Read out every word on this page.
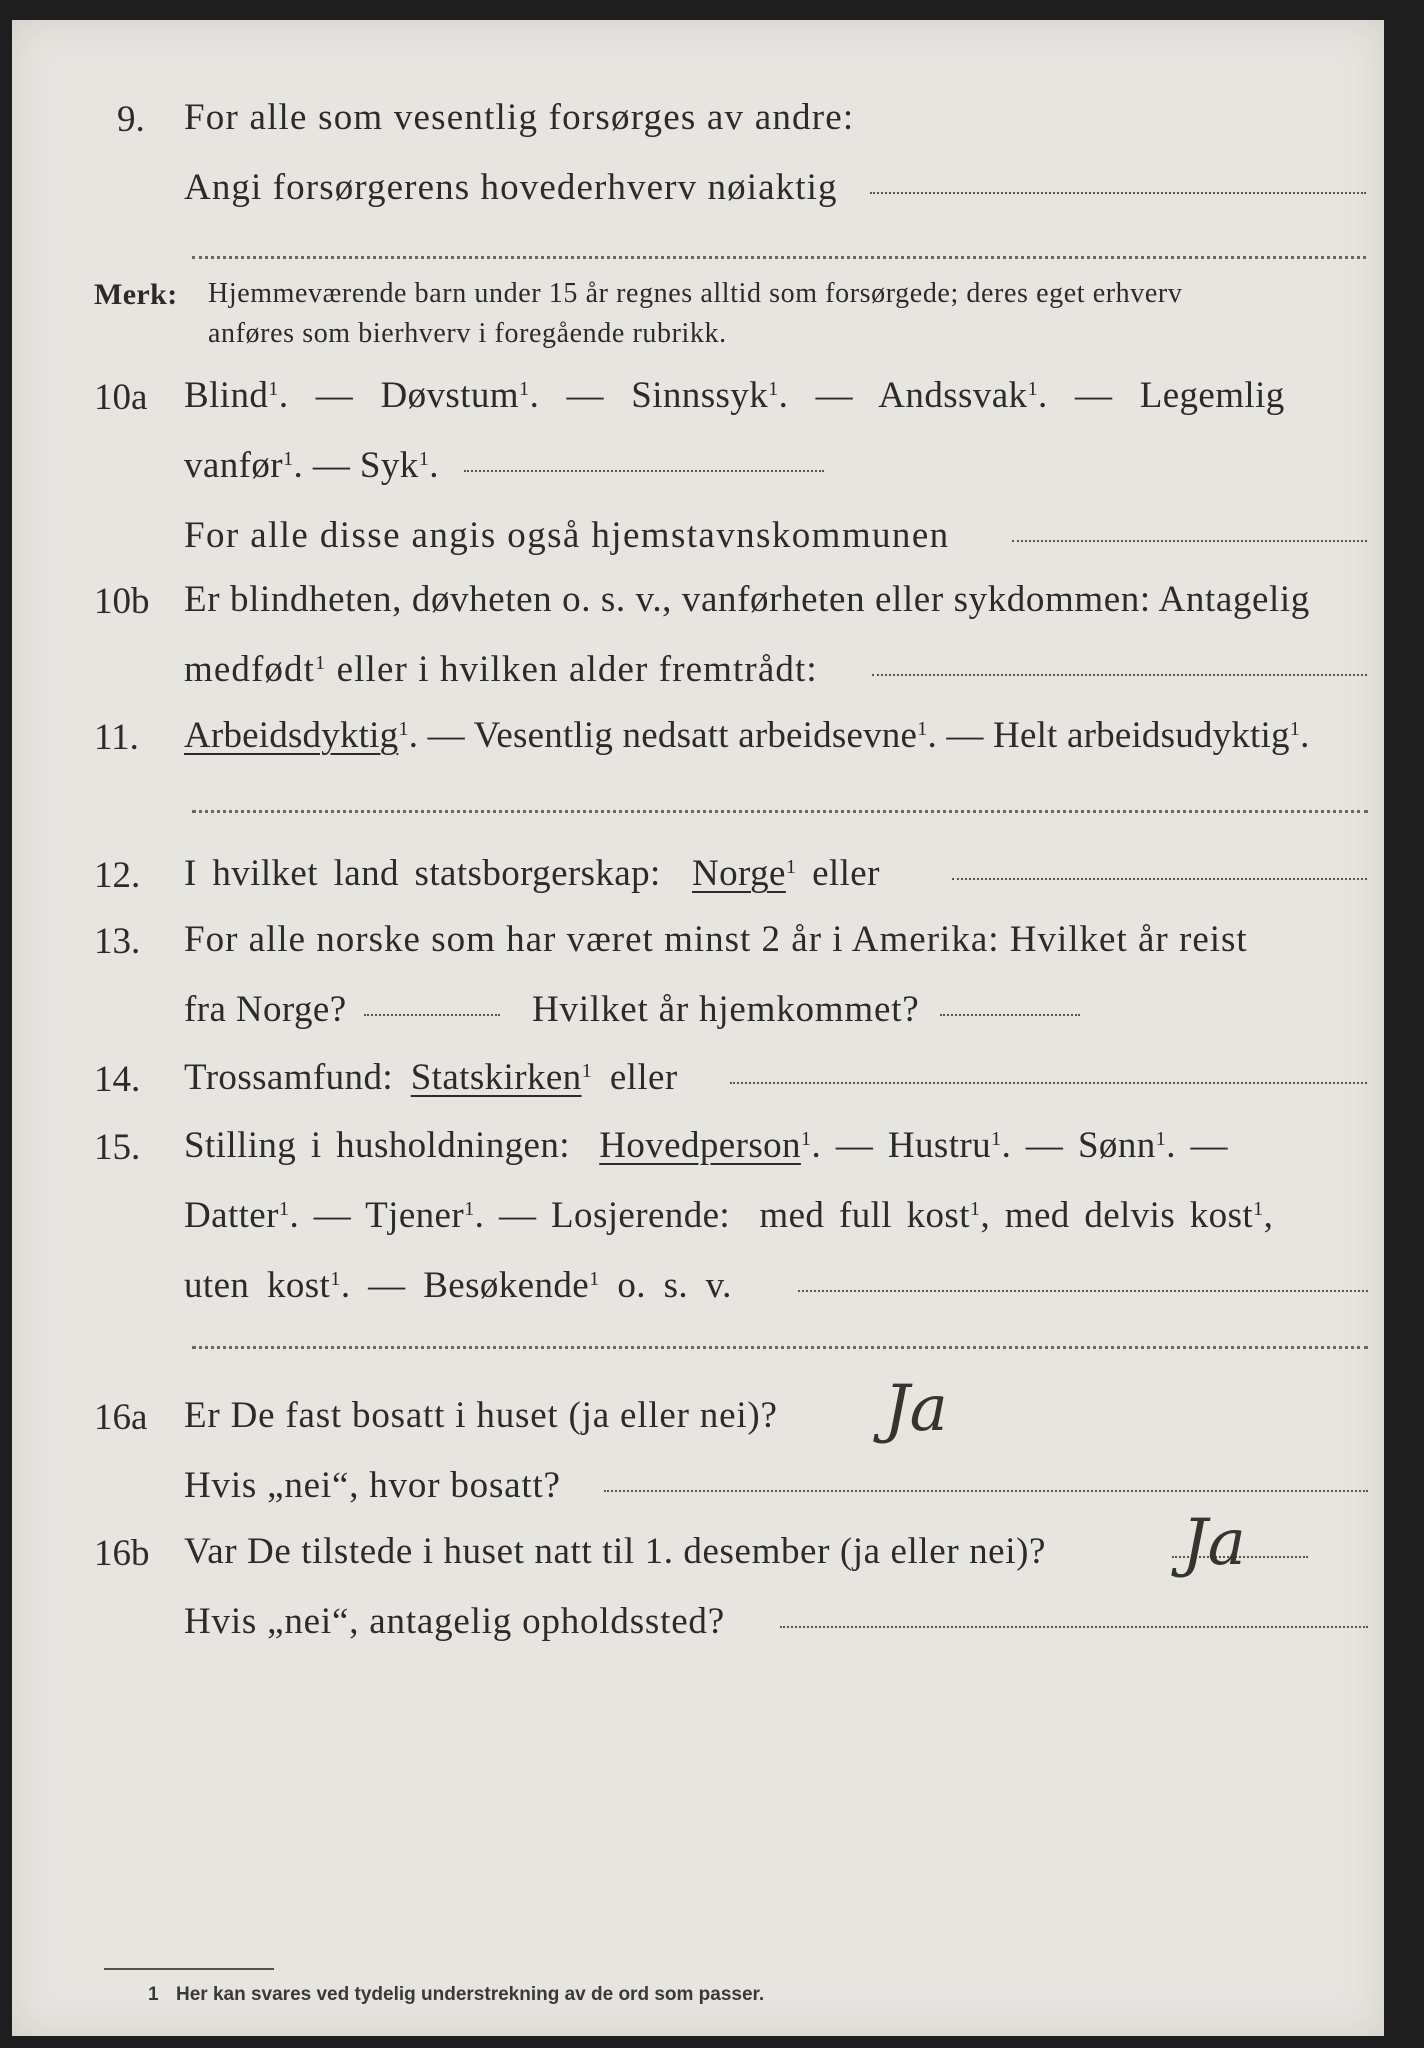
9. For alle som vesentlig forsørges av andre:
Angi forsørgerens hovederhverv nøiaktig
Merk: Hjemmeværende barn under 15 år regnes alltid som forsørgede; deres eget erhverv
anføres som bierhverv i foregående rubrikk.
10a Blind$^1$.  — Døvstum$^1$.  — Sinnssyk$^1$.  — Andssvak$^1$.  — Legemlig
vanfør$^1$. — Syk$^1$.
For alle disse angis også hjemstavnskommunen
10b Er blindheten, døvheten o. s. v., vanførheten eller sykdommen: Antagelig
medfødt$^1$ eller i hvilken alder fremtrådt:
11. Arbeidsdyktig$^1$. — Vesentlig nedsatt arbeidsevne$^1$. — Helt arbeidsudyktig$^1$.
12. I hvilket land statsborgerskap: Norge$^1$ eller
13. For alle norske som har været minst 2 år i Amerika: Hvilket år reist
fra Norge?	Hvilket år hjemkommet?
14. Trossamfund: Statskirken$^1$ eller
15. Stilling i husholdningen: Hovedperson$^1$. — Hustru$^1$. — Sønn$^1$. —
Datter$^1$. — Tjener$^1$. — Losjerende: med full kost$^1$, med delvis kost$^1$,
uten kost$^1$. — Besøkende$^1$ o. s. v.
16a Er De fast bosatt i huset (ja eller nei)? Ja
Hvis „nei“, hvor bosatt?
16b Var De tilstede i huset natt til 1. desember (ja eller nei)? Ja
Hvis „nei“, antagelig opholdssted?
1 Her kan svares ved tydelig understrekning av de ord som passer.
